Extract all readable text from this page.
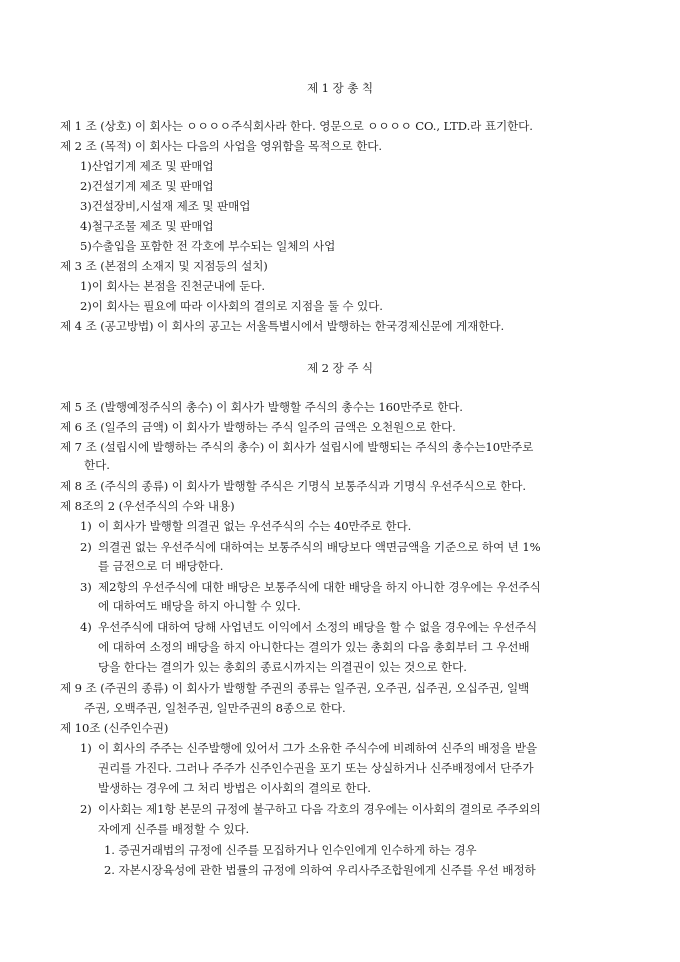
제 1 장 총 칙
제 1 조 (상호) 이 회사는 ㅇㅇㅇㅇ주식회사라 한다. 영문으로 ㅇㅇㅇㅇ CO., LTD.라 표기한다.
제 2 조 (목적) 이 회사는 다음의 사업을 영위함을 목적으로 한다.
1)산업기계 제조 및 판매업
2)건설기계 제조 및 판매업
3)건설장비,시설재 제조 및 판매업
4)철구조물 제조 및 판매업
5)수출입을 포함한 전 각호에 부수되는 일체의 사업
제 3 조 (본점의 소재지 및 지점등의 설치)
1)이 회사는 본점을 진천군내에 둔다.
2)이 회사는 필요에 따라 이사회의 결의로 지점을 둘 수 있다.
제 4 조 (공고방법) 이 회사의 공고는 서울특별시에서 발행하는 한국경제신문에 게재한다.
제 2 장 주 식
제 5 조 (발행예정주식의 총수) 이 회사가 발행할 주식의 총수는 160만주로 한다.
제 6 조 (일주의 금액) 이 회사가 발행하는 주식 일주의 금액은 오천원으로 한다.
제 7 조 (설립시에 발행하는 주식의 총수) 이 회사가 설립시에 발행되는 주식의 총수는10만주로
한다.
제 8 조 (주식의 종류) 이 회사가 발행할 주식은 기명식 보통주식과 기명식 우선주식으로 한다.
제 8조의 2 (우선주식의 수와 내용)
1) 이 회사가 발행할 의결권 없는 우선주식의 수는 40만주로 한다.
2) 의결권 없는 우선주식에 대하여는 보통주식의 배당보다 액면금액을 기준으로 하여 년 1%
를 금전으로 더 배당한다.
3) 제2항의 우선주식에 대한 배당은 보통주식에 대한 배당을 하지 아니한 경우에는 우선주식
에 대하여도 배당을 하지 아니할 수 있다.
4) 우선주식에 대하여 당해 사업년도 이익에서 소정의 배당을 할 수 없을 경우에는 우선주식
에 대하여 소정의 배당을 하지 아니한다는 결의가 있는 총회의 다음 총회부터 그 우선배
당을 한다는 결의가 있는 총회의 종료시까지는 의결권이 있는 것으로 한다.
제 9 조 (주권의 종류) 이 회사가 발행할 주권의 종류는 일주권, 오주권, 십주권, 오십주권, 일백
주권, 오백주권, 일천주권, 일만주권의 8종으로 한다.
제 10조 (신주인수권)
1) 이 회사의 주주는 신주발행에 있어서 그가 소유한 주식수에 비례하여 신주의 배정을 받을
권리를 가진다. 그러나 주주가 신주인수권을 포기 또는 상실하거나 신주배정에서 단주가
발생하는 경우에 그 처리 방법은 이사회의 결의로 한다.
2) 이사회는 제1항 본문의 규정에 불구하고 다음 각호의 경우에는 이사회의 결의로 주주외의
자에게 신주를 배정할 수 있다.
1. 증권거래법의 규정에 신주를 모집하거나 인수인에게 인수하게 하는 경우
2. 자본시장육성에 관한 법률의 규정에 의하여 우리사주조합원에게 신주를 우선 배정하
